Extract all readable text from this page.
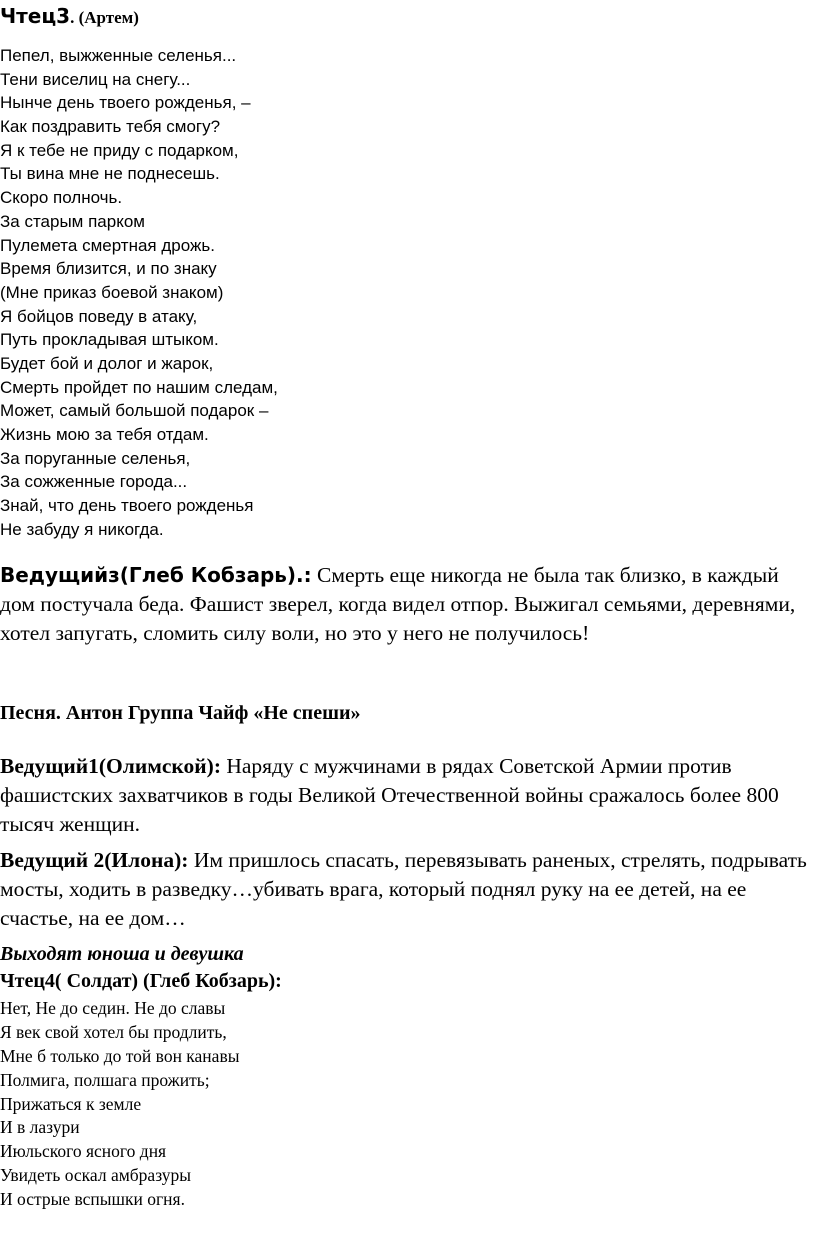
Чтец3. (Артем)
Пепел, выжженные селенья...
Тени виселиц на снегу...
Нынче день твоего рожденья, –
Как поздравить тебя смогу?
Я к тебе не приду с подарком,
Ты вина мне не поднесешь.
Скоро полночь.
За старым парком
Пулемета смертная дрожь.
Время близится, и по знаку
(Мне приказ боевой знаком)
Я бойцов поведу в атаку,
Путь прокладывая штыком.
Будет бой и долог и жарок,
Смерть пройдет по нашим следам,
Может, самый большой подарок –
Жизнь мою за тебя отдам.
За поруганные селенья,
За сожженные города...
Знай, что день твоего рожденья
Не забуду я никогда.
Ведущийз(Глеб Кобзарь).: Смерть еще никогда не была так близко, в каждый дом постучала беда. Фашист зверел, когда видел отпор. Выжигал семьями, деревнями, хотел запугать, сломить силу воли, но это у него не получилось!
Песня. Антон Группа Чайф «Не спеши»
Ведущий1(Олимской): Наряду с мужчинами в рядах Советской Армии против фашистских захватчиков в годы Великой Отечественной войны сражалось более 800 тысяч женщин.
Ведущий 2(Илона): Им пришлось спасать, перевязывать раненых, стрелять, подрывать мосты, ходить в разведку…убивать врага, который поднял руку на ее детей, на ее счастье, на ее дом…
Выходят юноша и девушка
Чтец4( Солдат) (Глеб Кобзарь):
Нет, Не до седин. Не до славы
Я век свой хотел бы продлить,
Мне б только до той вон канавы
Полмига, полшага прожить;
Прижаться к земле
И в лазури
Июльского ясного дня
Увидеть оскал амбразуры
И острые вспышки огня.
